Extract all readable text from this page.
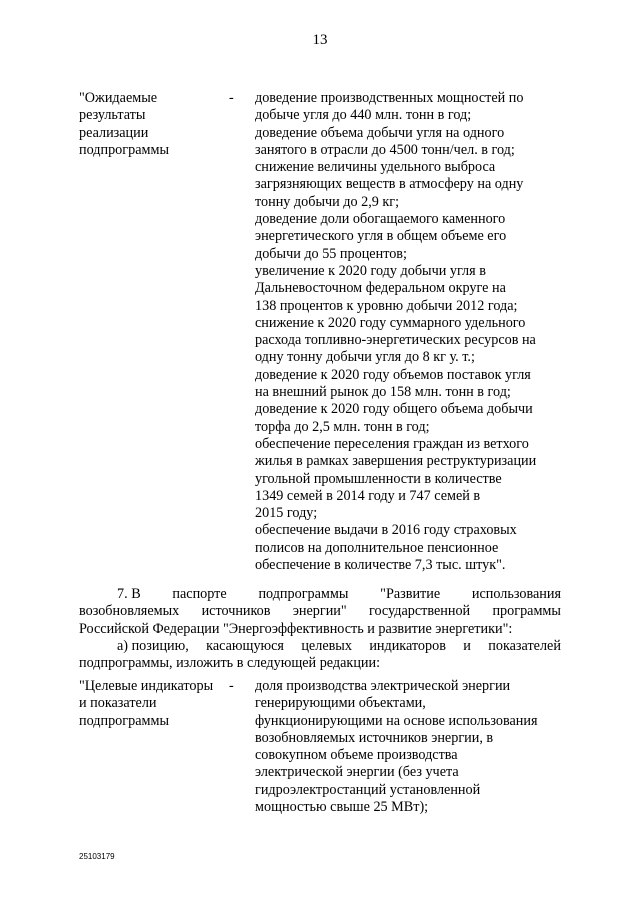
13
"Ожидаемые
результаты
реализации
подпрограммы
-	доведение производственных мощностей по
добыче угля до 440 млн. тонн в год;
доведение объема добычи угля на одного
занятого в отрасли до 4500 тонн/чел. в год;
снижение величины удельного выброса
загрязняющих веществ в атмосферу на одну
тонну добычи до 2,9 кг;
доведение доли обогащаемого каменного
энергетического угля в общем объеме его
добычи до 55 процентов;
увеличение к 2020 году добычи угля в
Дальневосточном федеральном округе на
138 процентов к уровню добычи 2012 года;
снижение к 2020 году суммарного удельного
расхода топливно-энергетических ресурсов на
одну тонну добычи угля до 8 кг у. т.;
доведение к 2020 году объемов поставок угля
на внешний рынок до 158 млн. тонн в год;
доведение к 2020 году общего объема добычи
торфа до 2,5 млн. тонн в год;
обеспечение переселения граждан из ветхого
жилья в рамках завершения реструктуризации
угольной промышленности в количестве
1349 семей в 2014 году и 747 семей в
2015 году;
обеспечение выдачи в 2016 году страховых
полисов на дополнительное пенсионное
обеспечение в количестве 7,3 тыс. штук".
7. В паспорте подпрограммы "Развитие использования
возобновляемых источников энергии" государственной программы
Российской Федерации "Энергоэффективность и развитие энергетики":
а) позицию, касающуюся целевых индикаторов и показателей
подпрограммы, изложить в следующей редакции:
"Целевые индикаторы
и показатели
подпрограммы
-	доля производства электрической энергии
генерирующими объектами,
функционирующими на основе использования
возобновляемых источников энергии, в
совокупном объеме производства
электрической энергии (без учета
гидроэлектростанций установленной
мощностью свыше 25 МВт);
25103179
